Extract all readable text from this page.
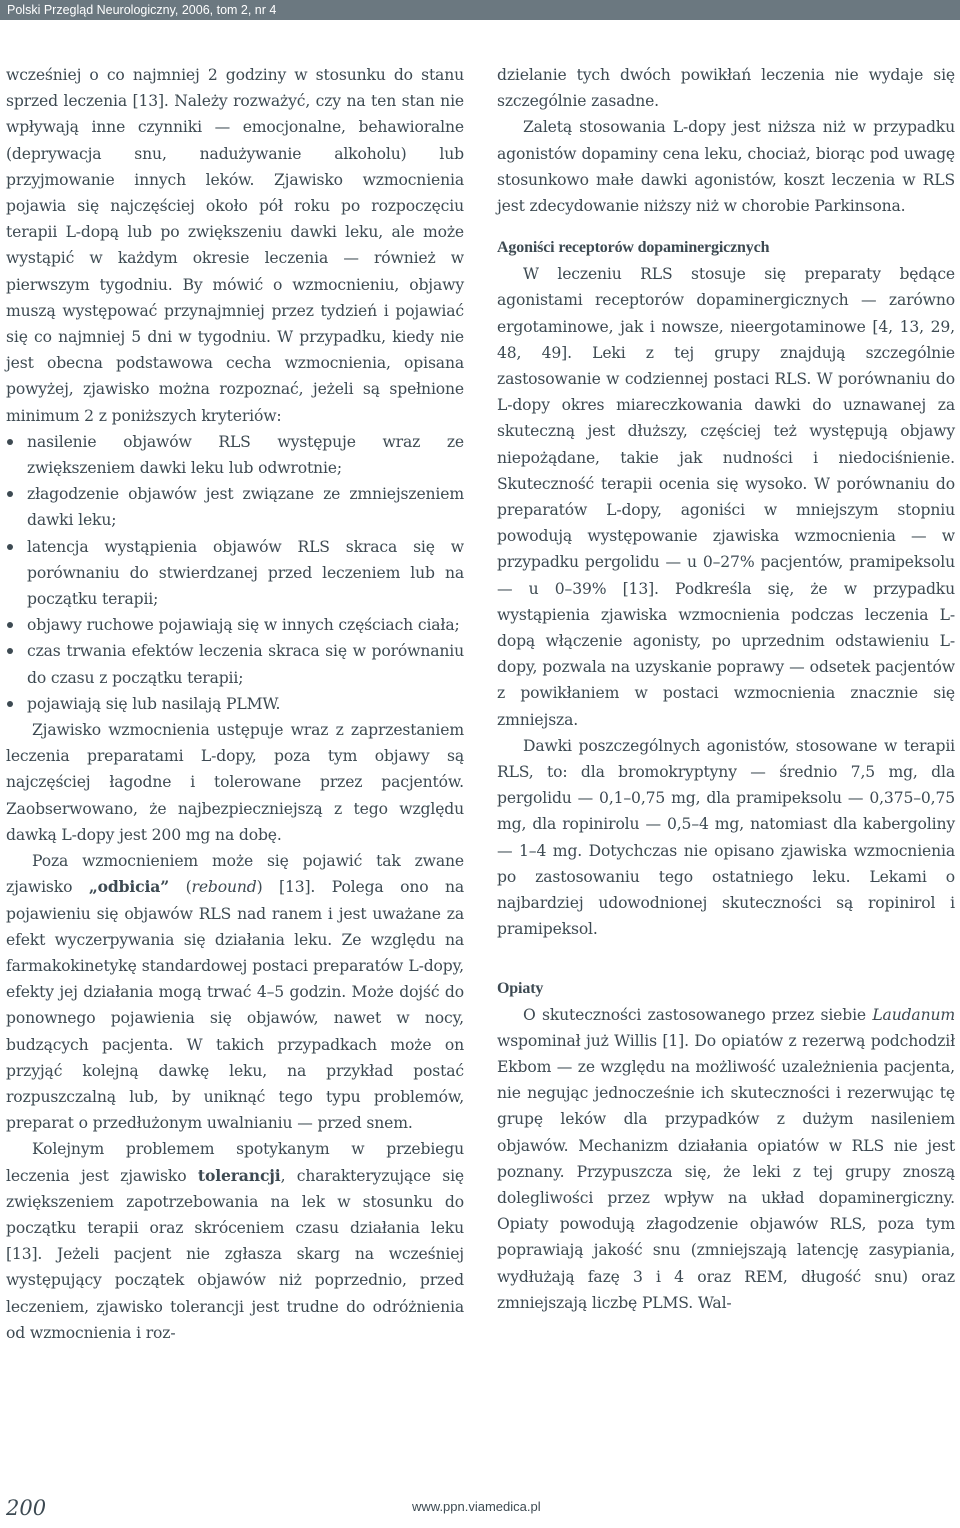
Polski Przegląd Neurologiczny, 2006, tom 2, nr 4

wcześniej o co najmniej 2 godziny w stosunku do stanu sprzed leczenia [13]. Należy rozważyć, czy na ten stan nie wpływają inne czynniki — emocjonalne, behawioralne (deprywacja snu, nadużywanie alkoholu) lub przyjmowanie innych leków. Zjawisko wzmocnienia pojawia się najczęściej około pół roku po rozpoczęciu terapii L-dopą lub po zwiększeniu dawki leku, ale może wystąpić w każdym okresie leczenia — również w pierwszym tygodniu. By mówić o wzmocnieniu, objawy muszą występować przynajmniej przez tydzień i pojawiać się co najmniej 5 dni w tygodniu. W przypadku, kiedy nie jest obecna podstawowa cecha wzmocnienia, opisana powyżej, zjawisko można rozpoznać, jeżeli są spełnione minimum 2 z poniższych kryteriów:

nasilenie objawów RLS występuje wraz ze zwiększeniem dawki leku lub odwrotnie;
złagodzenie objawów jest związane ze zmniejszeniem dawki leku;
latencja wystąpienia objawów RLS skraca się w porównaniu do stwierdzanej przed leczeniem lub na początku terapii;
objawy ruchowe pojawiają się w innych częściach ciała;
czas trwania efektów leczenia skraca się w porównaniu do czasu z początku terapii;
pojawiają się lub nasilają PLMW.

Zjawisko wzmocnienia ustępuje wraz z zaprzestaniem leczenia preparatami L-dopy, poza tym objawy są najczęściej łagodne i tolerowane przez pacjentów. Zaobserwowano, że najbezpieczniejszą z tego względu dawką L-dopy jest 200 mg na dobę.

Poza wzmocnieniem może się pojawić tak zwane zjawisko „odbicia” (rebound) [13]. Polega ono na pojawieniu się objawów RLS nad ranem i jest uważane za efekt wyczerpywania się działania leku. Ze względu na farmakokinetykę standardowej postaci preparatów L-dopy, efekty jej działania mogą trwać 4–5 godzin. Może dojść do ponownego pojawienia się objawów, nawet w nocy, budzących pacjenta. W takich przypadkach może on przyjąć kolejną dawkę leku, na przykład postać rozpuszczalną lub, by uniknąć tego typu problemów, preparat o przedłużonym uwalnianiu — przed snem.

Kolejnym problemem spotykanym w przebiegu leczenia jest zjawisko tolerancji, charakteryzujące się zwiększeniem zapotrzebowania na lek w stosunku do początku terapii oraz skróceniem czasu działania leku [13]. Jeżeli pacjent nie zgłasza skarg na wcześniej występujący początek objawów niż poprzednio, przed leczeniem, zjawisko tolerancji jest trudne do odróżnienia od wzmocnienia i roz-

dzielanie tych dwóch powikłań leczenia nie wydaje się szczególnie zasadne.

Zaletą stosowania L-dopy jest niższa niż w przypadku agonistów dopaminy cena leku, chociaż, biorąc pod uwagę stosunkowo małe dawki agonistów, koszt leczenia w RLS jest zdecydowanie niższy niż w chorobie Parkinsona.

Agoniści receptorów dopaminergicznych

W leczeniu RLS stosuje się preparaty będące agonistami receptorów dopaminergicznych — zarówno ergotaminowe, jak i nowsze, nieergotaminowe [4, 13, 29, 48, 49]. Leki z tej grupy znajdują szczególnie zastosowanie w codziennej postaci RLS. W porównaniu do L-dopy okres miareczkowania dawki do uznawanej za skuteczną jest dłuższy, częściej też występują objawy niepożądane, takie jak nudności i niedociśnienie. Skuteczność terapii ocenia się wysoko. W porównaniu do preparatów L-dopy, agoniści w mniejszym stopniu powodują występowanie zjawiska wzmocnienia — w przypadku pergolidu — u 0–27% pacjentów, pramipeksolu — u 0–39% [13]. Podkreśla się, że w przypadku wystąpienia zjawiska wzmocnienia podczas leczenia L-dopą włączenie agonisty, po uprzednim odstawieniu L-dopy, pozwala na uzyskanie poprawy — odsetek pacjentów z powikłaniem w postaci wzmocnienia znacznie się zmniejsza.

Dawki poszczególnych agonistów, stosowane w terapii RLS, to: dla bromokryptyny — średnio 7,5 mg, dla pergolidu — 0,1–0,75 mg, dla pramipeksolu — 0,375–0,75 mg, dla ropinirolu — 0,5–4 mg, natomiast dla kabergoliny — 1–4 mg. Dotychczas nie opisano zjawiska wzmocnienia po zastosowaniu tego ostatniego leku. Lekami o najbardziej udowodnionej skuteczności są ropinirol i pramipeksol.

Opiaty

O skuteczności zastosowanego przez siebie Laudanum wspominał już Willis [1]. Do opiatów z rezerwą podchodził Ekbom — ze względu na możliwość uzależnienia pacjenta, nie negując jednocześnie ich skuteczności i rezerwując tę grupę leków dla przypadków z dużym nasileniem objawów. Mechanizm działania opiatów w RLS nie jest poznany. Przypuszcza się, że leki z tej grupy znoszą dolegliwości przez wpływ na układ dopaminergiczny. Opiaty powodują złagodzenie objawów RLS, poza tym poprawiają jakość snu (zmniejszają latencję zasypiania, wydłużają fazę 3 i 4 oraz REM, długość snu) oraz zmniejszają liczbę PLMS. Wal-

200	www.ppn.viamedica.pl
